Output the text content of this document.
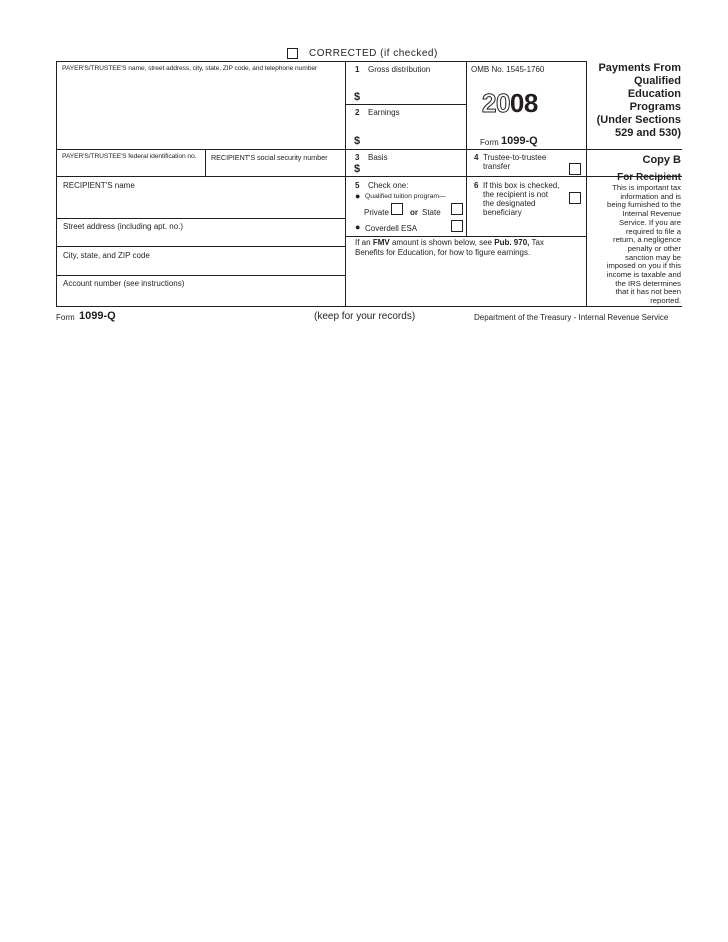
CORRECTED (if checked)
PAYER'S/TRUSTEE'S name, street address, city, state, ZIP code, and telephone number
PAYER'S/TRUSTEE'S federal identification no. RECIPIENT'S social security number
RECIPIENT'S name
Street address (including apt. no.)
City, state, and ZIP code
Account number (see instructions)
1 Gross distribution
$
2 Earnings
$
OMB No. 1545-1760
2008
Form 1099-Q
Payments From
Qualified
Education
Programs
(Under Sections
529 and 530)
3 Basis
$
4 Trustee-to-trustee
transfer
Copy B
For Recipient
This is important tax
information and is
being furnished to the
Internal Revenue
Service. If you are
required to file a
return, a negligence
penalty or other
sanction may be
imposed on you if this
income is taxable and
the IRS determines
that it has not been
reported.
5 Check one:
● Qualified tuition program—
Private	or State
● Coverdell ESA
6 If this box is checked,
the recipient is not
the designated
beneficiary
If an FMV amount is shown below, see Pub. 970, Tax
Benefits for Education, for how to figure earnings.
Form 1099-Q	(keep for your records)	Department of the Treasury - Internal Revenue Service
